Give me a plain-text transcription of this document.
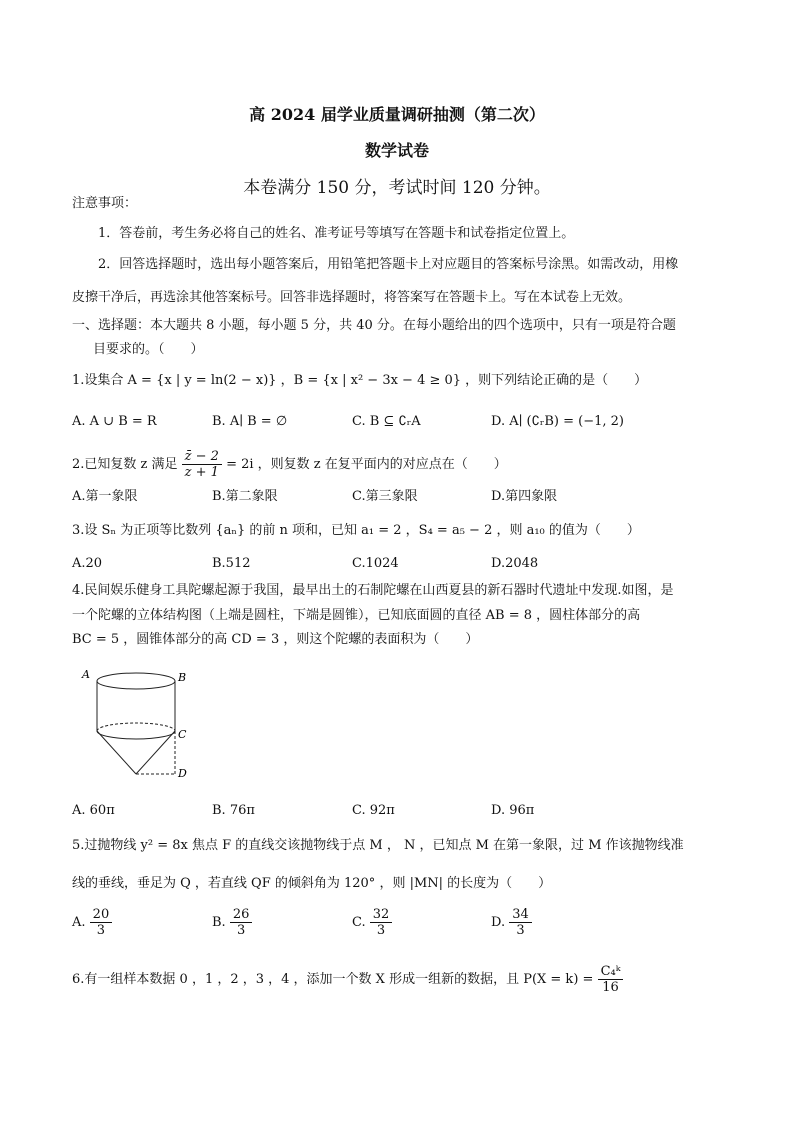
高 2024 届学业质量调研抽测（第二次）
数学试卷
本卷满分 150 分，考试时间 120 分钟。
注意事项：
1．答卷前，考生务必将自己的姓名、准考证号等填写在答题卡和试卷指定位置上。
2．回答选择题时，选出每小题答案后，用铅笔把答题卡上对应题目的答案标号涂黑。如需改动，用橡
皮擦干净后，再选涂其他答案标号。回答非选择题时，将答案写在答题卡上。写在本试卷上无效。
一、选择题：本大题共 8 小题，每小题 5 分，共 40 分。在每小题给出的四个选项中，只有一项是符合题
目要求的。（　　）
1.设集合 A = {x | y = ln(2 − x)} ，B = {x | x² − 3x − 4 ≥ 0} ，则下列结论正确的是（　　）
A. A ∪ B = R	B. A∣ B = ∅	C. B ⊆ ∁ᵣA	D. A∣ (∁ᵣB) = (−1, 2)
2.已知复数 z 满足 $\frac{z̄ - 2}{z + 1} = 2i$ ，则复数 z 在复平面内的对应点在（　　）
A.第一象限	B.第二象限	C.第三象限	D.第四象限
3.设 Sₙ 为正项等比数列 {aₙ} 的前 n 项和，已知 a₁ = 2 ，S₄ = a₅ − 2 ，则 a₁₀ 的值为（　　）
A.20	B.512	C.1024	D.2048
4.民间娱乐健身工具陀螺起源于我国，最早出土的石制陀螺在山西夏县的新石器时代遗址中发现.如图，是
一个陀螺的立体结构图（上端是圆柱，下端是圆锥），已知底面圆的直径 AB = 8 ，圆柱体部分的高
BC = 5 ，圆锥体部分的高 CD = 3 ，则这个陀螺的表面积为（　　）
A	B
C
D
A. 60π	B. 76π	C. 92π	D. 96π
5.过抛物线 y² = 8x 焦点 F 的直线交该抛物线于点 M ， N ，已知点 M 在第一象限，过 M 作该抛物线准
线的垂线，垂足为 Q ，若直线 QF 的倾斜角为 120° ，则 |MN| 的长度为（　　）
A. $\frac{20}{3}$	B. $\frac{26}{3}$	C. $\frac{32}{3}$	D. $\frac{34}{3}$
6.有一组样本数据 0 ，1 ，2 ，3 ，4 ，添加一个数 X 形成一组新的数据，且 $P(X = k) = \frac{\text{C₄ᵏ}}{16}$
